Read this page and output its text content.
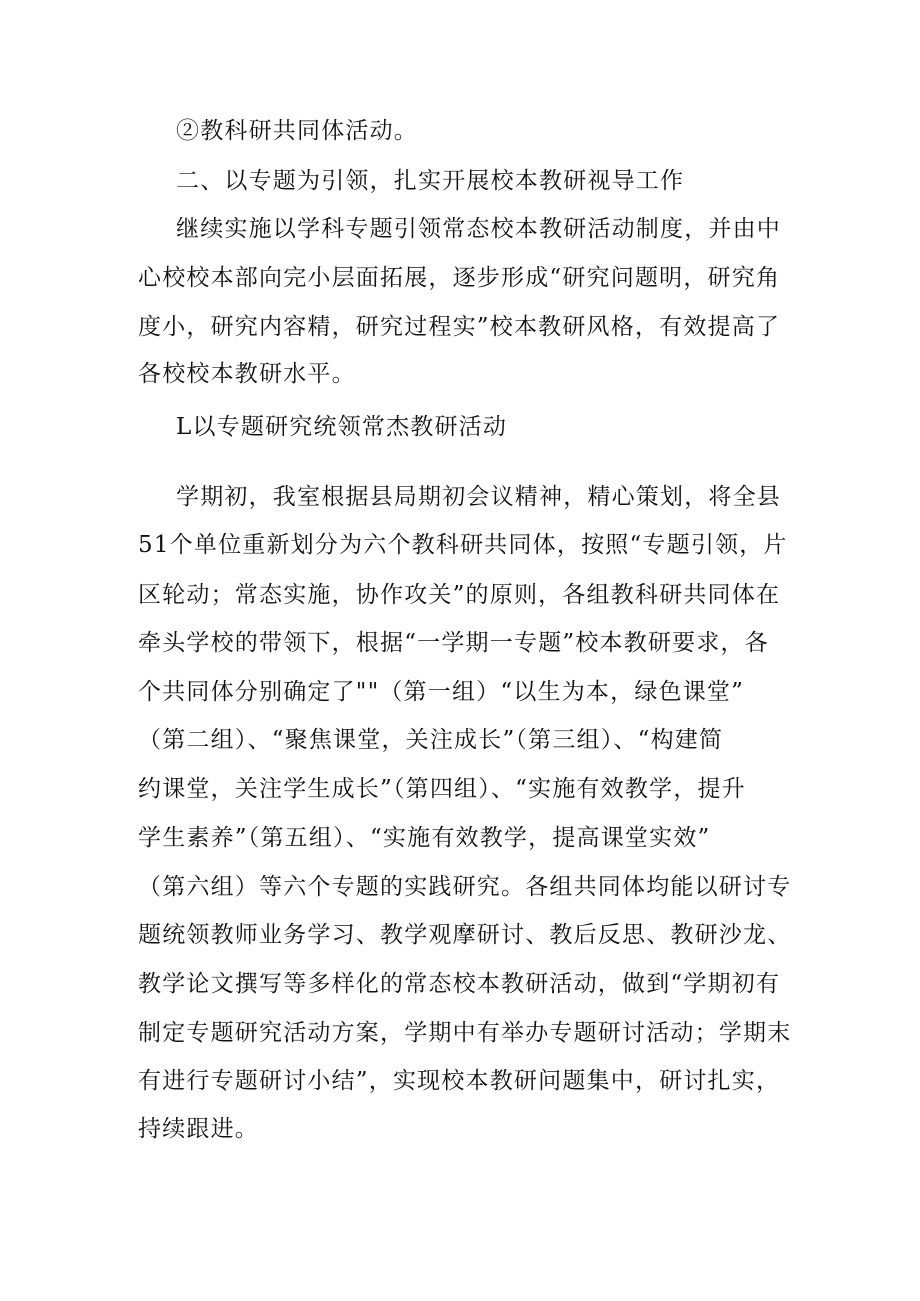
②教科研共同体活动。
二、以专题为引领，扎实开展校本教研视导工作
继续实施以学科专题引领常态校本教研活动制度，并由中
心校校本部向完小层面拓展，逐步形成“研究问题明，研究角
度小，研究内容精，研究过程实”校本教研风格，有效提高了
各校校本教研水平。
L以专题研究统领常杰教研活动
学期初，我室根据县局期初会议精神，精心策划，将全县
51个单位重新划分为六个教科研共同体，按照“专题引领，片
区轮动；常态实施，协作攻关”的原则，各组教科研共同体在
牵头学校的带领下，根据“一学期一专题”校本教研要求，各
个共同体分别确定了""（第一组）“以生为本，绿色课堂”
（第二组）、“聚焦课堂，关注成长”（第三组）、“构建简
约课堂，关注学生成长”（第四组）、“实施有效教学，提升
学生素养”（第五组）、“实施有效教学，提高课堂实效”
（第六组）等六个专题的实践研究。各组共同体均能以研讨专
题统领教师业务学习、教学观摩研讨、教后反思、教研沙龙、
教学论文撰写等多样化的常态校本教研活动，做到“学期初有
制定专题研究活动方案，学期中有举办专题研讨活动；学期末
有进行专题研讨小结”，实现校本教研问题集中，研讨扎实，
持续跟进。
